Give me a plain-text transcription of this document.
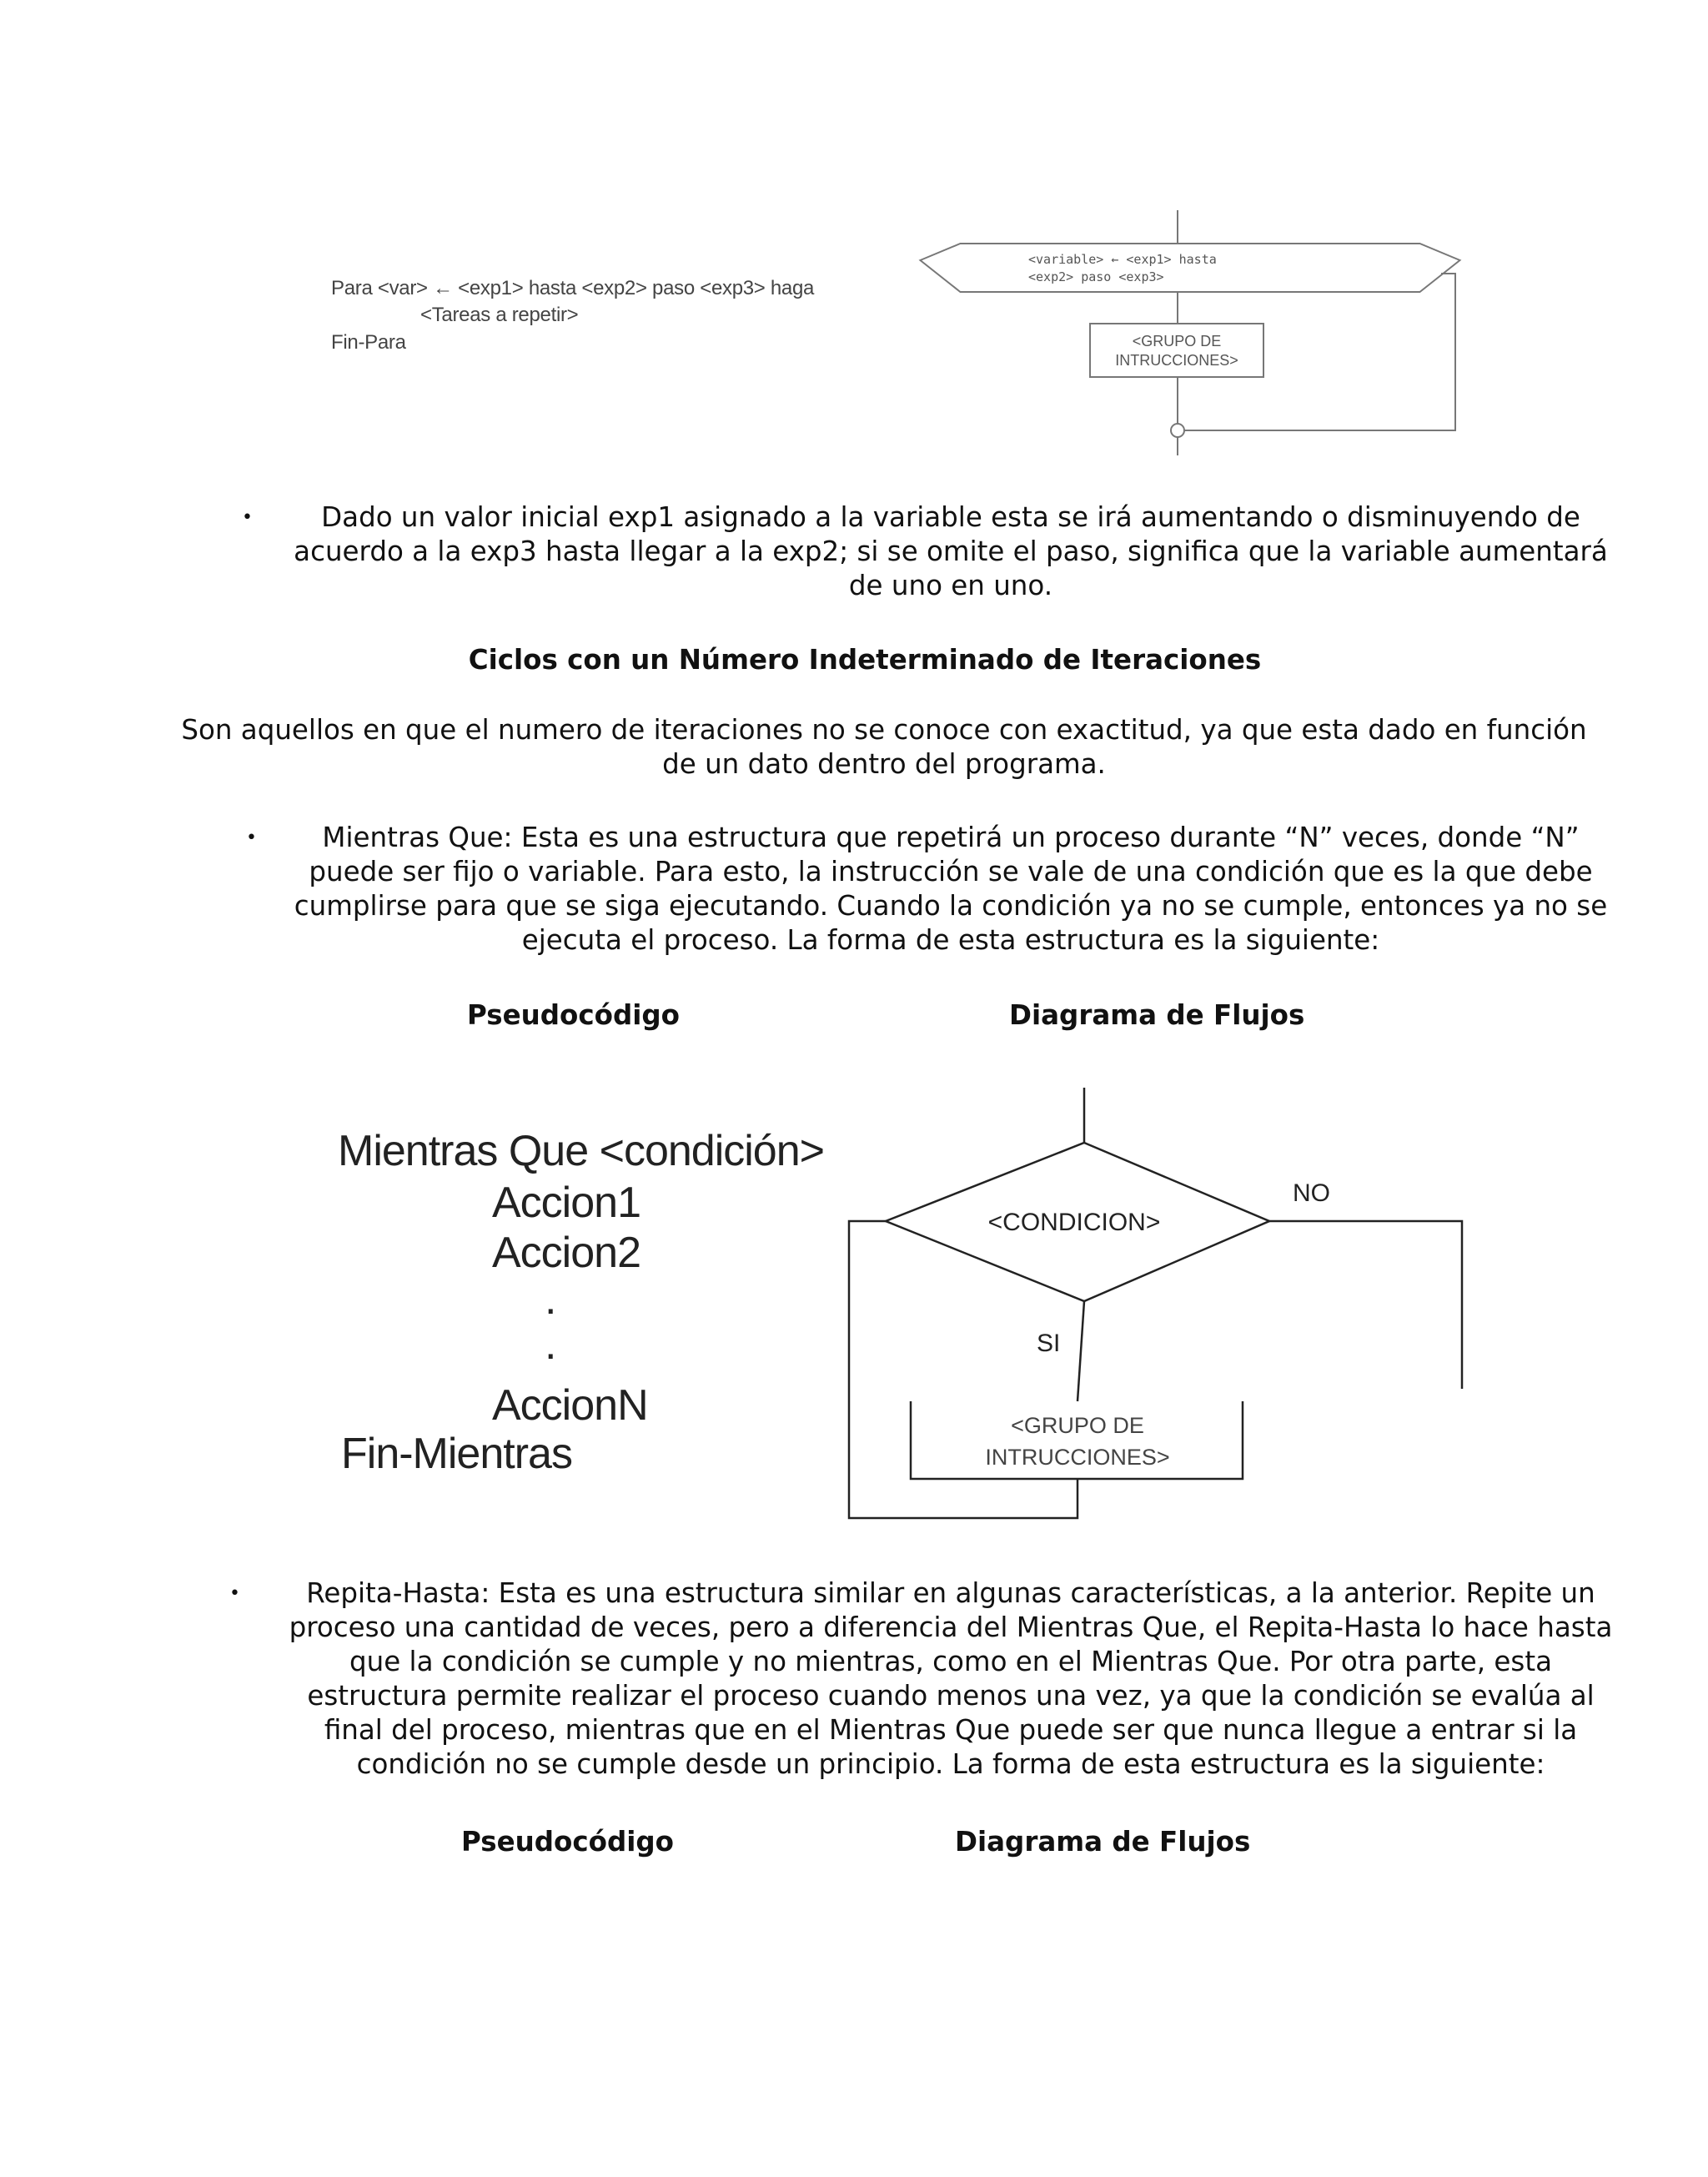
Para <var> ← <exp1> hasta <exp2> paso <exp3> haga
<Tareas a repetir>
Fin-Para
<variable> ← <exp1> hasta
<exp2> paso <exp3>
<GRUPO DE
INTRUCCIONES>
•	Dado un valor inicial exp1 asignado a la variable esta se irá aumentando o disminuyendo de
acuerdo a la exp3 hasta llegar a la exp2; si se omite el paso, significa que la variable aumentará
de uno en uno.
Ciclos con un Número Indeterminado de Iteraciones
Son aquellos en que el numero de iteraciones no se conoce con exactitud, ya que esta dado en función
de un dato dentro del programa.
•	Mientras Que: Esta es una estructura que repetirá un proceso durante “N” veces, donde “N”
puede ser fijo o variable. Para esto, la instrucción se vale de una condición que es la que debe
cumplirse para que se siga ejecutando. Cuando la condición ya no se cumple, entonces ya no se
ejecuta el proceso. La forma de esta estructura es la siguiente:
Pseudocódigo	Diagrama de Flujos
Mientras Que <condición>
Accion1
Accion2
.
.
AccionN
Fin-Mientras
<CONDICION>
NO
SI
<GRUPO DE
INTRUCCIONES>
•	Repita-Hasta: Esta es una estructura similar en algunas características, a la anterior. Repite un
proceso una cantidad de veces, pero a diferencia del Mientras Que, el Repita-Hasta lo hace hasta
que la condición se cumple y no mientras, como en el Mientras Que. Por otra parte, esta
estructura permite realizar el proceso cuando menos una vez, ya que la condición se evalúa al
final del proceso, mientras que en el Mientras Que puede ser que nunca llegue a entrar si la
condición no se cumple desde un principio. La forma de esta estructura es la siguiente:
Pseudocódigo	Diagrama de Flujos
